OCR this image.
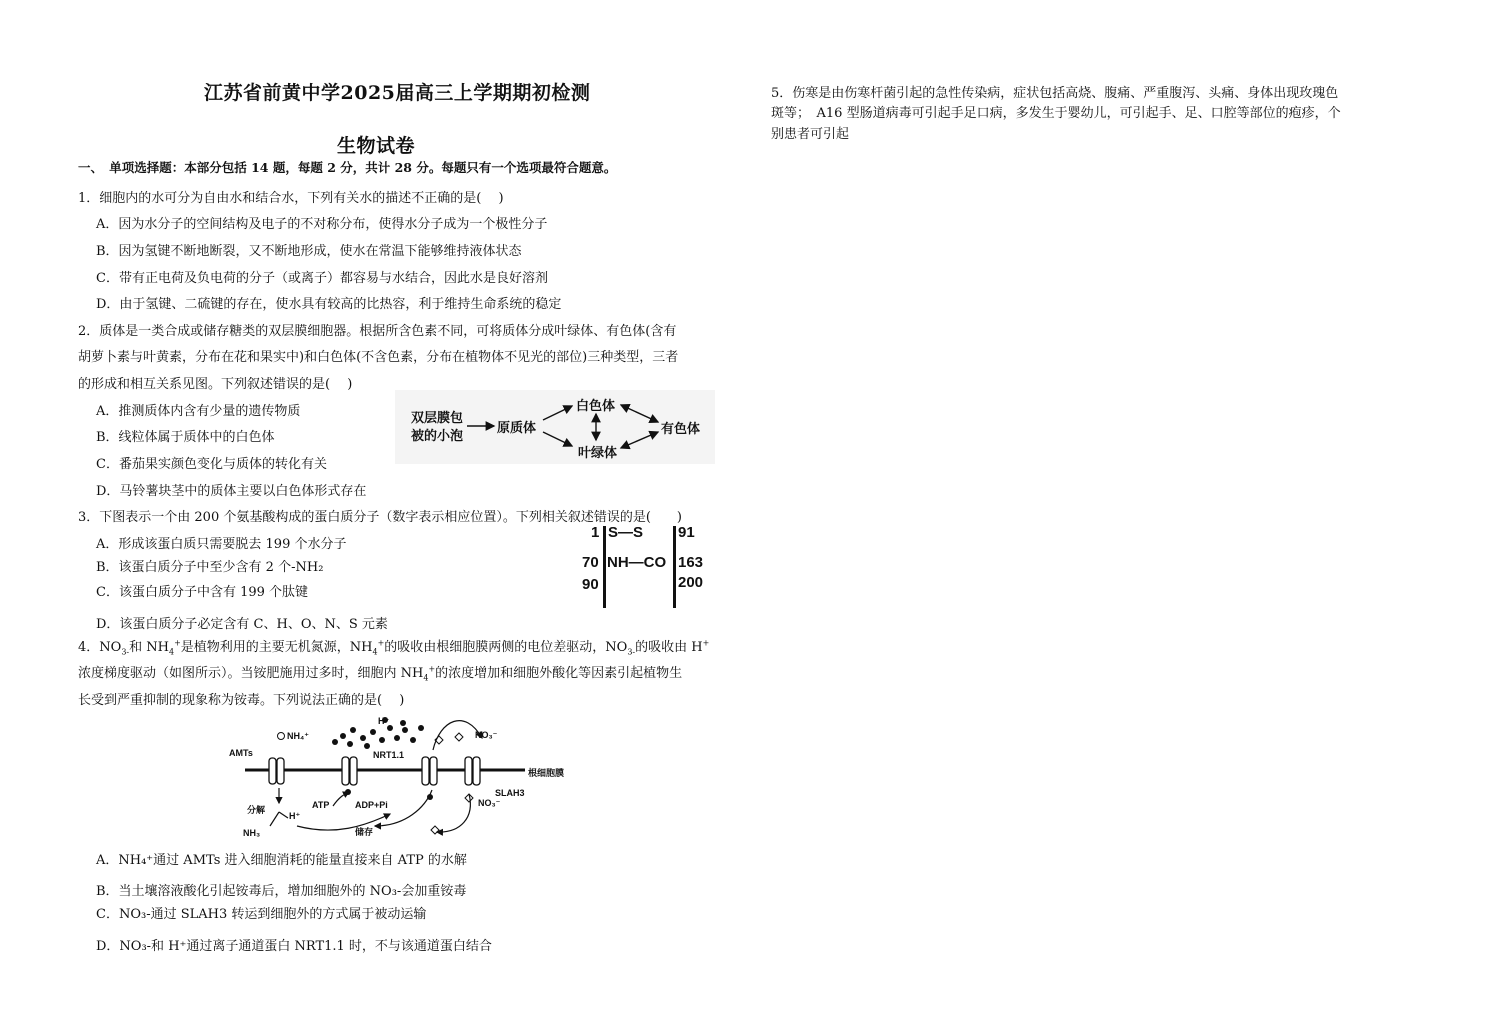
江苏省前黄中学2025届高三上学期期初检测
生物试卷
一、　单项选择题：本部分包括 14 题，每题 2 分，共计 28 分。每题只有一个选项最符合题意。
1．细胞内的水可分为自由水和结合水，下列有关水的描述不正确的是(　 )
A．因为水分子的空间结构及电子的不对称分布，使得水分子成为一个极性分子
B．因为氢键不断地断裂，又不断地形成，使水在常温下能够维持液体状态
C．带有正电荷及负电荷的分子（或离子）都容易与水结合，因此水是良好溶剂
D．由于氢键、二硫键的存在，使水具有较高的比热容，利于维持生命系统的稳定
2．质体是一类合成或储存糖类的双层膜细胞器。根据所含色素不同，可将质体分成叶绿体、有色体(含有
胡萝卜素与叶黄素，分布在花和果实中)和白色体(不含色素，分布在植物体不见光的部位)三种类型，三者
的形成和相互关系见图。下列叙述错误的是(　 )
A．推测质体内含有少量的遗传物质
B．线粒体属于质体中的白色体
C．番茄果实颜色变化与质体的转化有关
D．马铃薯块茎中的质体主要以白色体形式存在
双层膜包
被的小泡
原质体
白色体
叶绿体
有色体
3．下图表示一个由 200 个氨基酸构成的蛋白质分子（数字表示相应位置）。下列相关叙述错误的是(　　)
A．形成该蛋白质只需要脱去 199 个水分子
B．该蛋白质分子中至少含有 2 个-NH₂
C．该蛋白质分子中含有 199 个肽键
D．该蛋白质分子必定含有 C、H、O、N、S 元素
1 S—S 91
70 NH—CO 163
90	200
4．$NO_{3-}$和 $NH_4^+$是植物利用的主要无机氮源，$NH_4^+$的吸收由根细胞膜两侧的电位差驱动，$NO_{3-}$的吸收由 H+
浓度梯度驱动（如图所示）。当铵肥施用过多时，细胞内 $NH_4^+$的浓度增加和细胞外酸化等因素引起植物生
长受到严重抑制的现象称为铵毒。下列说法正确的是(　 )
AMTs
NH₄⁺
H⁺
NRT1.1
NO₃⁻
根细胞膜
ATP	ADP+Pi
分解
H⁺
NH₃	储存
NO₃⁻
SLAH3
A．NH₄⁺通过 AMTs 进入细胞消耗的能量直接来自 ATP 的水解
B．当土壤溶液酸化引起铵毒后，增加细胞外的 NO₃-会加重铵毒
C．NO₃-通过 SLAH3 转运到细胞外的方式属于被动运输
D．NO₃-和 H⁺通过离子通道蛋白 NRT1.1 时，不与该通道蛋白结合
5．伤寒是由伤寒杆菌引起的急性传染病，症状包括高烧、腹痛、严重腹泻、头痛、身体出现玫瑰色
斑等；　A16 型肠道病毒可引起手足口病，多发生于婴幼儿，可引起手、足、口腔等部位的疱疹，个
别患者可引起
